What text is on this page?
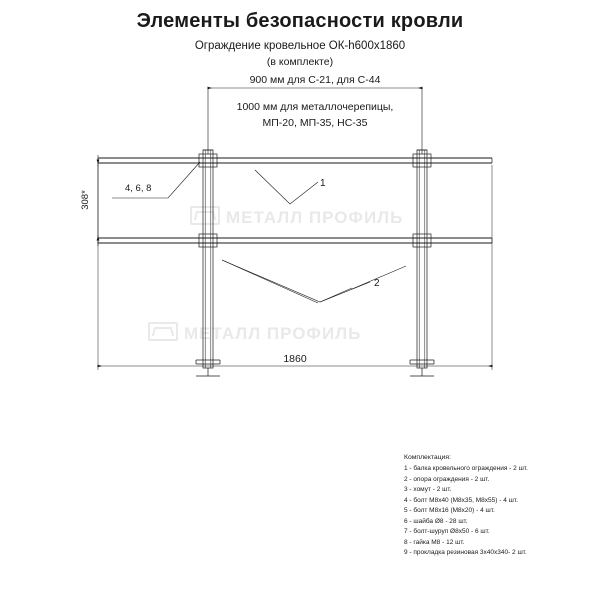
Элементы безопасности кровли
Ограждение кровельное ОК-h600x1860
(в комплекте)
МЕТАЛЛ ПРОФИЛЬ
МЕТАЛЛ ПРОФИЛЬ
900 мм для С-21, для С-44
1000 мм для металлочерепицы,
МП-20, МП-35, НС-35
308*
4, 6, 8	1
2
1860
Комплектация:
1 - балка кровельного ограждения - 2 шт.
2 - опора ограждения - 2 шт.
3 - хомут - 2 шт.
4 - болт М8х40 (М8х35, М8х55) - 4 шт.
5 - болт М8х16 (М8х20) - 4 шт.
6 - шайба Ø8 - 28 шт.
7 - болт-шуруп Ø8х50 - 6 шт.
8 - гайка М8 - 12 шт.
9 - прокладка резиновая 3х40х340- 2 шт.
